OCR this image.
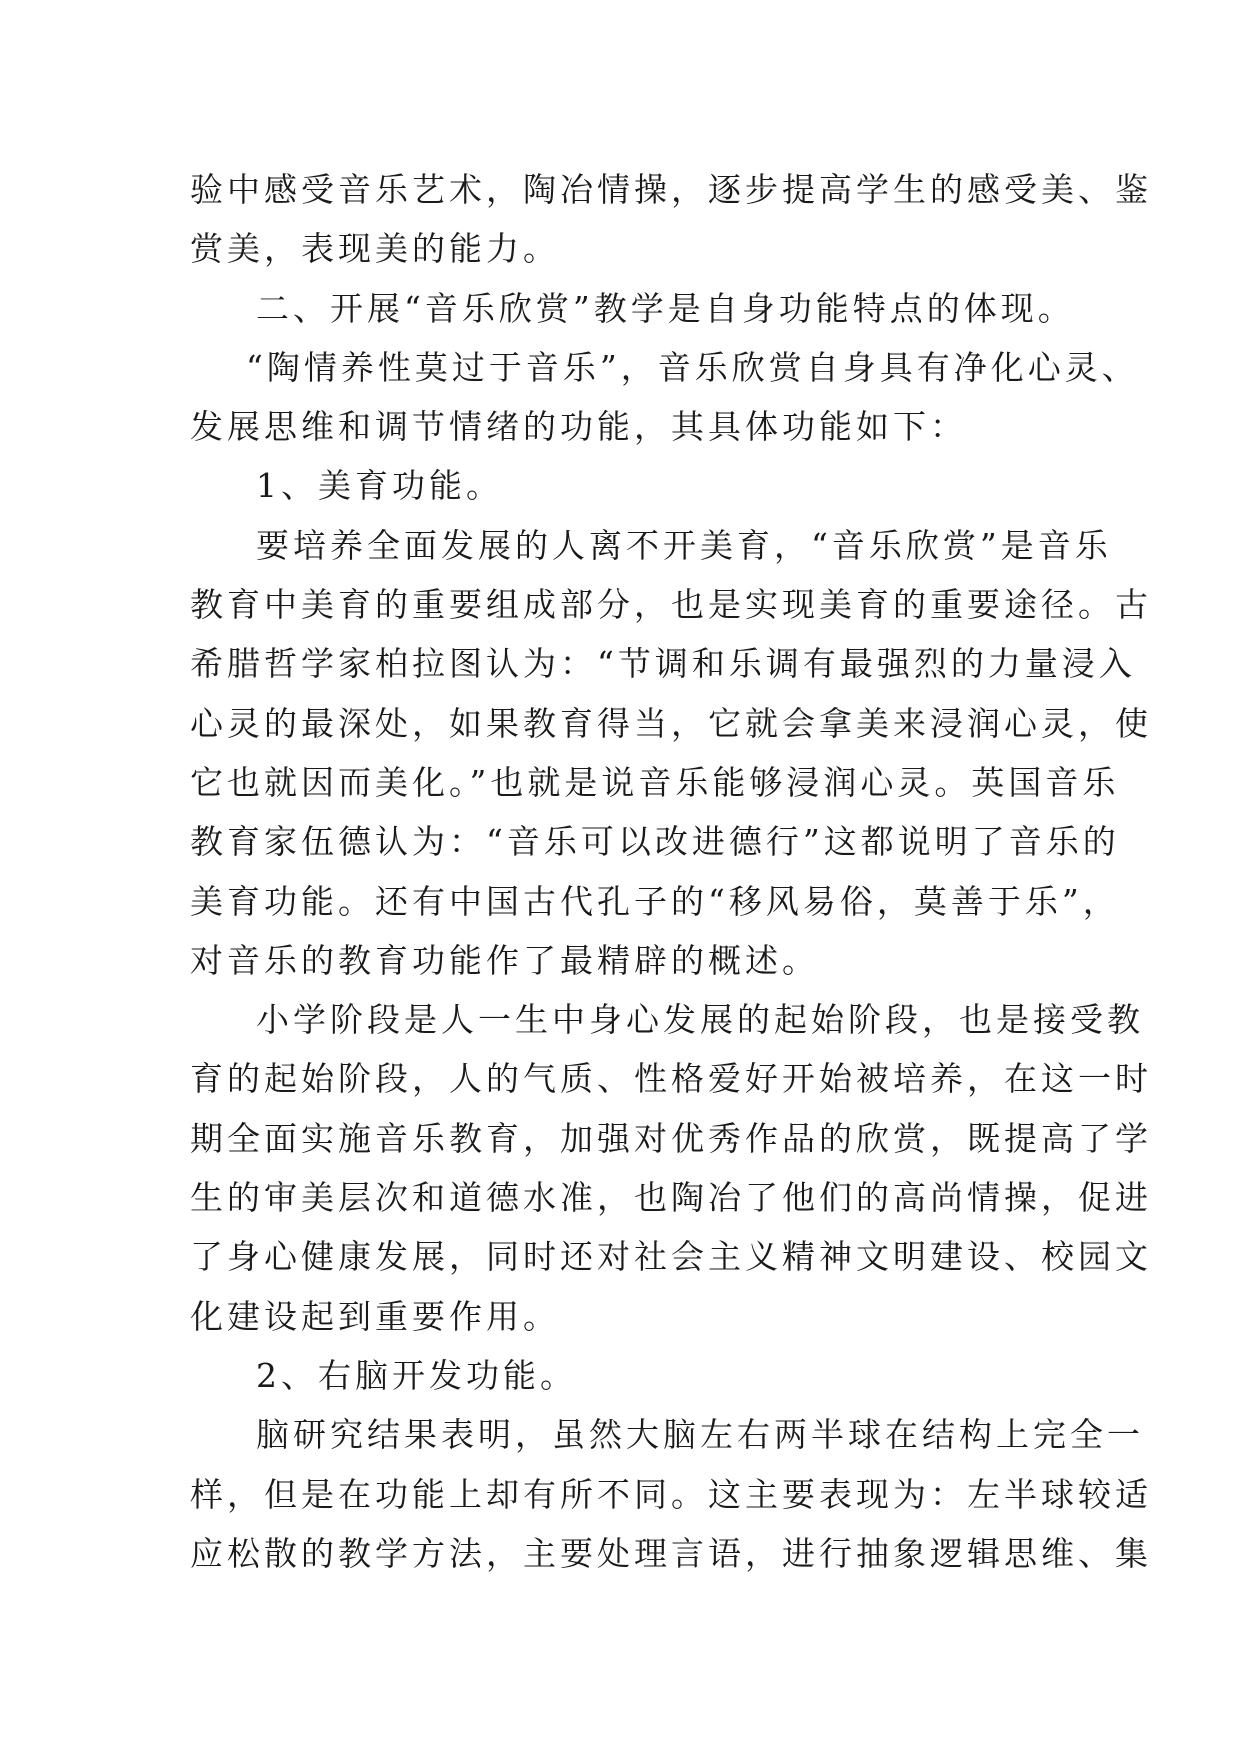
验中感受音乐艺术，陶冶情操，逐步提高学生的感受美、鉴
赏美，表现美的能力。
二、开展“音乐欣赏”教学是自身功能特点的体现。
“陶情养性莫过于音乐”，音乐欣赏自身具有净化心灵、
发展思维和调节情绪的功能，其具体功能如下：
1、美育功能。
要培养全面发展的人离不开美育，“音乐欣赏”是音乐
教育中美育的重要组成部分，也是实现美育的重要途径。古
希腊哲学家柏拉图认为：“节调和乐调有最强烈的力量浸入
心灵的最深处，如果教育得当，它就会拿美来浸润心灵，使
它也就因而美化。”也就是说音乐能够浸润心灵。英国音乐
教育家伍德认为：“音乐可以改进德行”这都说明了音乐的
美育功能。还有中国古代孔子的“移风易俗，莫善于乐”，
对音乐的教育功能作了最精辟的概述。
小学阶段是人一生中身心发展的起始阶段，也是接受教
育的起始阶段，人的气质、性格爱好开始被培养，在这一时
期全面实施音乐教育，加强对优秀作品的欣赏，既提高了学
生的审美层次和道德水准，也陶冶了他们的高尚情操，促进
了身心健康发展，同时还对社会主义精神文明建设、校园文
化建设起到重要作用。
2、右脑开发功能。
脑研究结果表明，虽然大脑左右两半球在结构上完全一
样，但是在功能上却有所不同。这主要表现为：左半球较适
应松散的教学方法，主要处理言语，进行抽象逻辑思维、集
